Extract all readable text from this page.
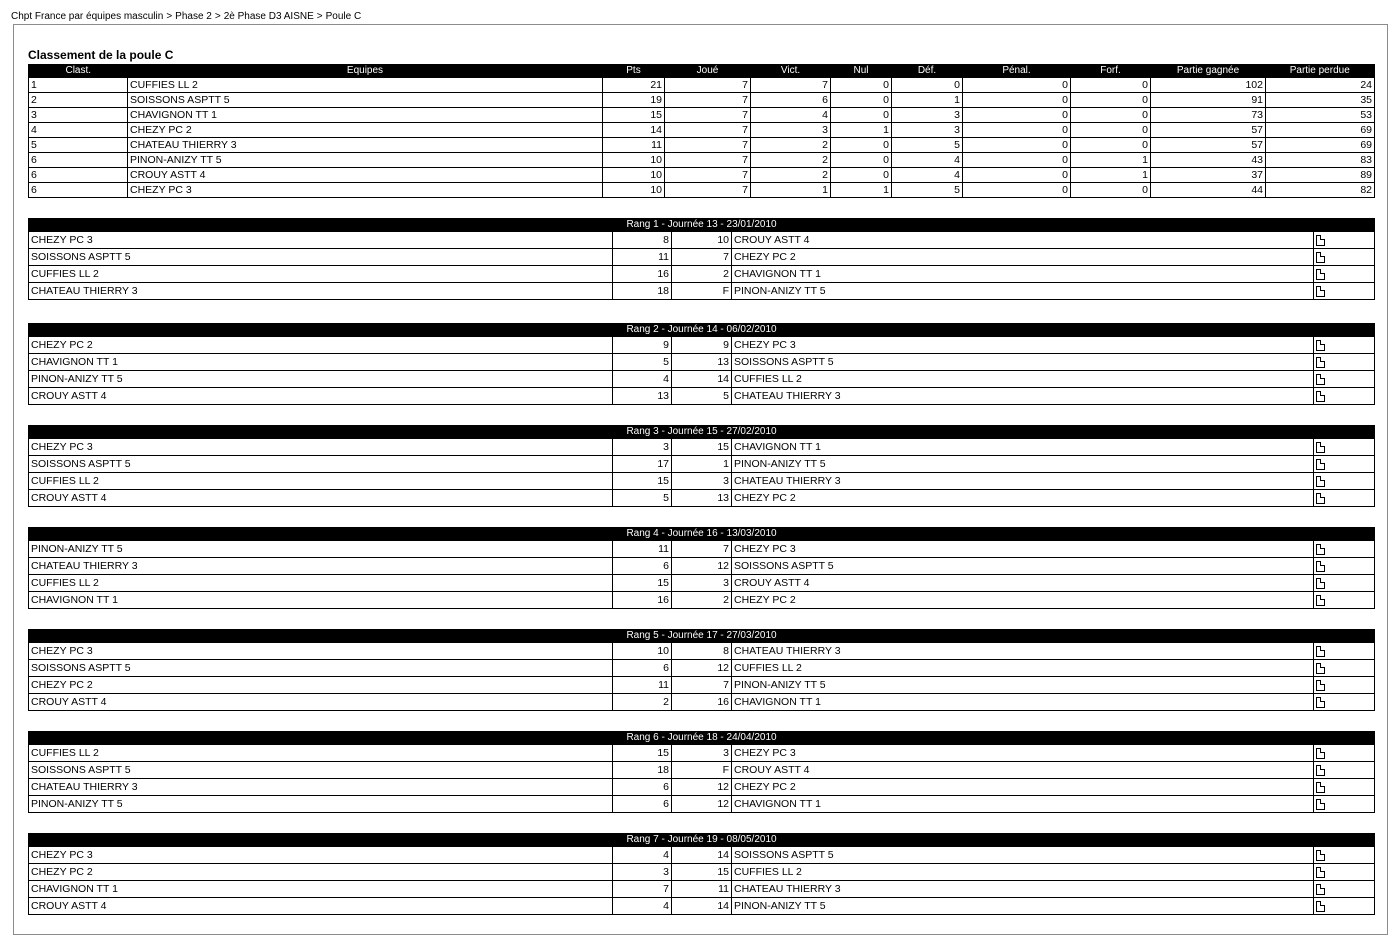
Chpt France par équipes masculin > Phase 2 > 2è Phase D3 AISNE > Poule C
Classement de la poule C
Clast.	Equipes	Pts	Joué	Vict.	Nul	Déf.	Pénal.	Forf.	Partie gagnée	Partie perdue
1	CUFFIES LL 2	21	7	7	0	0	0	0	102	24
2	SOISSONS ASPTT 5	19	7	6	0	1	0	0	91	35
3	CHAVIGNON TT 1	15	7	4	0	3	0	0	73	53
4	CHEZY PC 2	14	7	3	1	3	0	0	57	69
5	CHATEAU THIERRY 3	11	7	2	0	5	0	0	57	69
6	PINON-ANIZY TT 5	10	7	2	0	4	0	1	43	83
6	CROUY ASTT 4	10	7	2	0	4	0	1	37	89
6	CHEZY PC 3	10	7	1	1	5	0	0	44	82
Rang 1 - Journée 13 - 23/01/2010				
CHEZY PC 3	8	10	CROUY ASTT 4	
SOISSONS ASPTT 5	11	7	CHEZY PC 2	
CUFFIES LL 2	16	2	CHAVIGNON TT 1	
CHATEAU THIERRY 3	18	F	PINON-ANIZY TT 5	
Rang 2 - Journée 14 - 06/02/2010				
CHEZY PC 2	9	9	CHEZY PC 3	
CHAVIGNON TT 1	5	13	SOISSONS ASPTT 5	
PINON-ANIZY TT 5	4	14	CUFFIES LL 2	
CROUY ASTT 4	13	5	CHATEAU THIERRY 3	
Rang 3 - Journée 15 - 27/02/2010				
CHEZY PC 3	3	15	CHAVIGNON TT 1	
SOISSONS ASPTT 5	17	1	PINON-ANIZY TT 5	
CUFFIES LL 2	15	3	CHATEAU THIERRY 3	
CROUY ASTT 4	5	13	CHEZY PC 2	
Rang 4 - Journée 16 - 13/03/2010				
PINON-ANIZY TT 5	11	7	CHEZY PC 3	
CHATEAU THIERRY 3	6	12	SOISSONS ASPTT 5	
CUFFIES LL 2	15	3	CROUY ASTT 4	
CHAVIGNON TT 1	16	2	CHEZY PC 2	
Rang 5 - Journée 17 - 27/03/2010				
CHEZY PC 3	10	8	CHATEAU THIERRY 3	
SOISSONS ASPTT 5	6	12	CUFFIES LL 2	
CHEZY PC 2	11	7	PINON-ANIZY TT 5	
CROUY ASTT 4	2	16	CHAVIGNON TT 1	
Rang 6 - Journée 18 - 24/04/2010				
CUFFIES LL 2	15	3	CHEZY PC 3	
SOISSONS ASPTT 5	18	F	CROUY ASTT 4	
CHATEAU THIERRY 3	6	12	CHEZY PC 2	
PINON-ANIZY TT 5	6	12	CHAVIGNON TT 1	
Rang 7 - Journée 19 - 08/05/2010				
CHEZY PC 3	4	14	SOISSONS ASPTT 5	
CHEZY PC 2	3	15	CUFFIES LL 2	
CHAVIGNON TT 1	7	11	CHATEAU THIERRY 3	
CROUY ASTT 4	4	14	PINON-ANIZY TT 5	
